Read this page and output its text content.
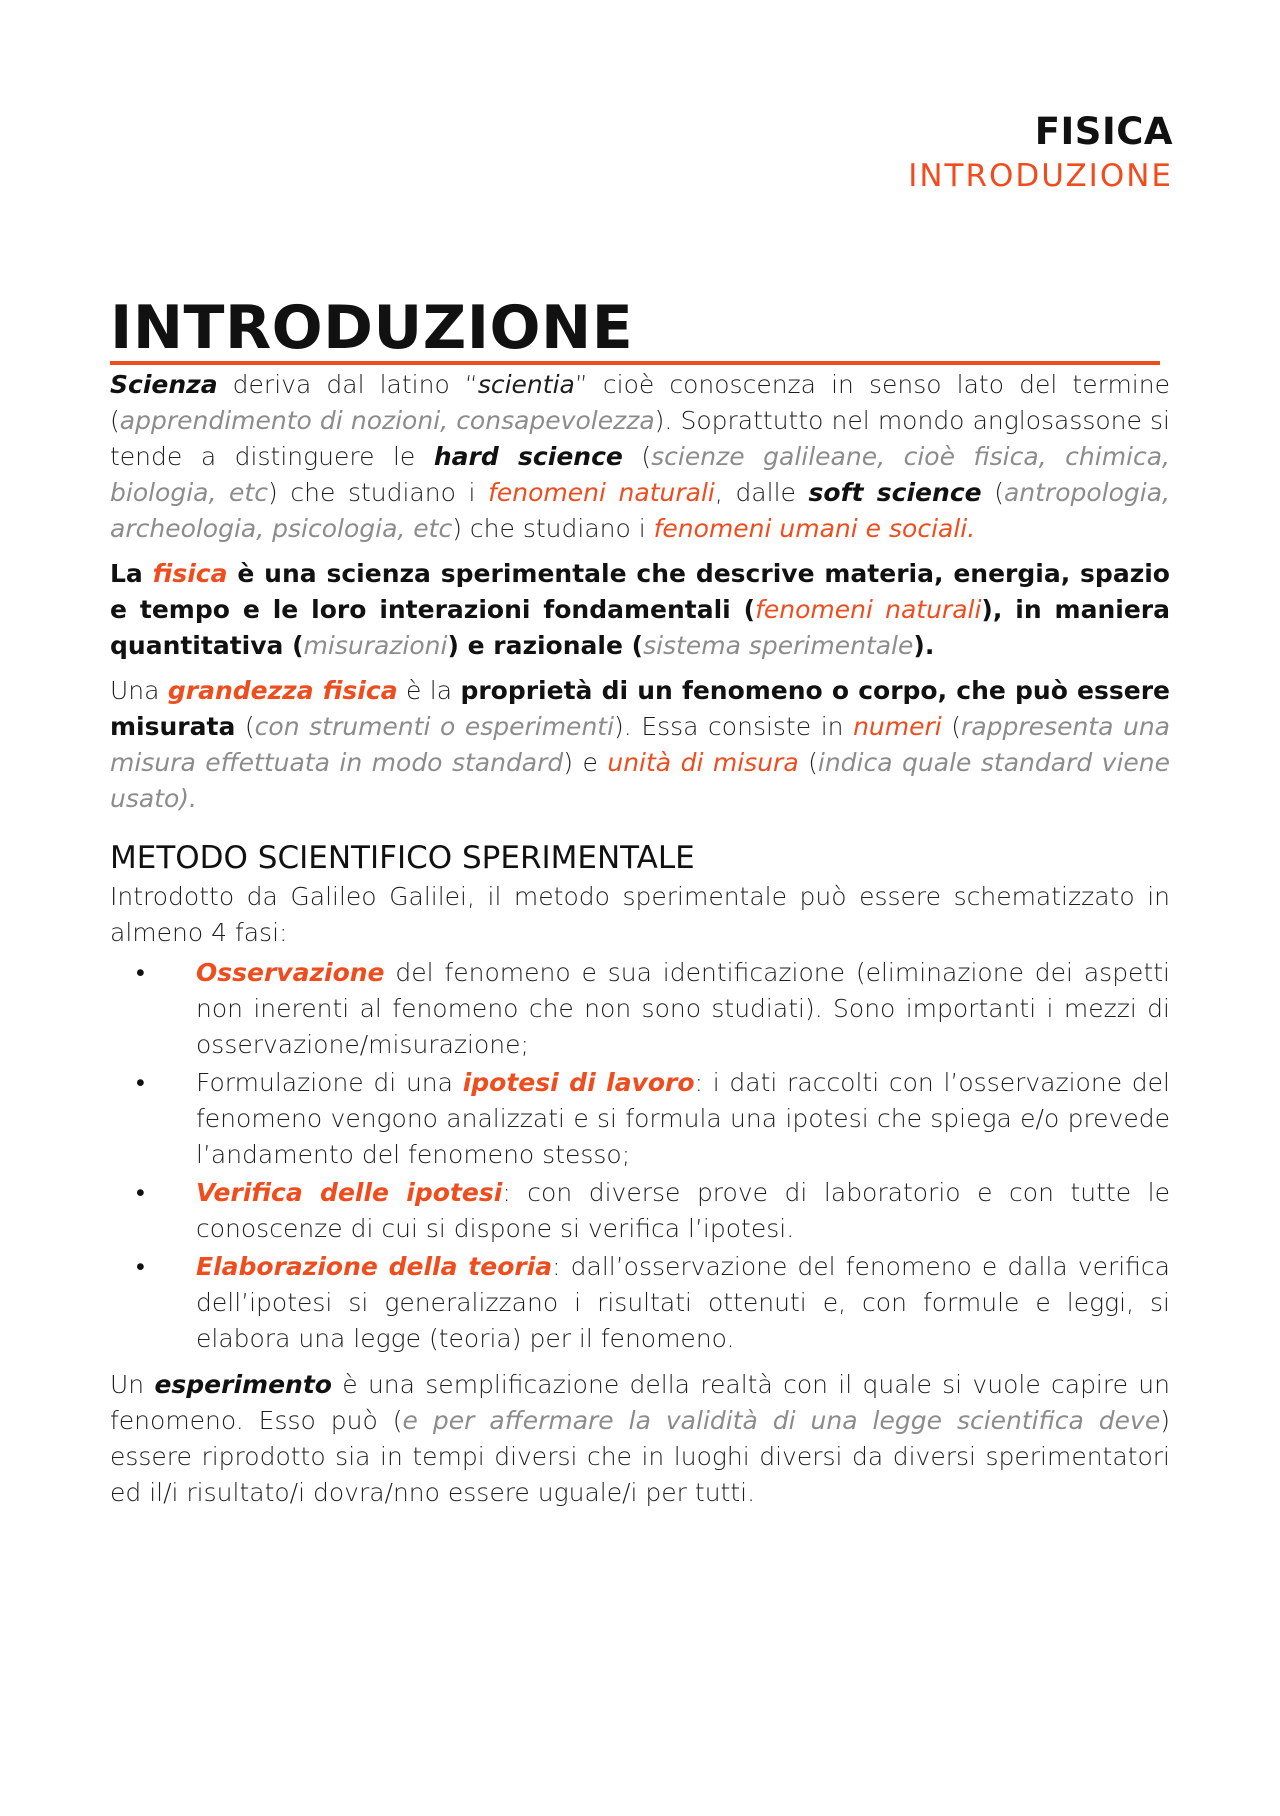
FISICA
INTRODUZIONE
INTRODUZIONE

Scienza deriva dal latino “scientia” cioè conoscenza in senso lato del termine (apprendimento di nozioni, consapevolezza). Soprattutto nel mondo anglosassone si tende a distinguere le hard science (scienze galileane, cioè fisica, chimica, biologia, etc) che studiano i fenomeni naturali, dalle soft science (antropologia, archeologia, psicologia, etc) che studiano i fenomeni umani e sociali.

La fisica è una scienza sperimentale che descrive materia, energia, spazio e tempo e le loro interazioni fondamentali (fenomeni naturali), in maniera quantitativa (misurazioni) e razionale (sistema sperimentale).

Una grandezza fisica è la proprietà di un fenomeno o corpo, che può essere misurata (con strumenti o esperimenti). Essa consiste in numeri (rappresenta una misura effettuata in modo standard) e unità di misura (indica quale standard viene usato).

METODO SCIENTIFICO SPERIMENTALE

Introdotto da Galileo Galilei, il metodo sperimentale può essere schematizzato in almeno 4 fasi:

• Osservazione del fenomeno e sua identificazione (eliminazione dei aspetti non inerenti al fenomeno che non sono studiati). Sono importanti i mezzi di osservazione/misurazione;
• Formulazione di una ipotesi di lavoro: i dati raccolti con l’osservazione del fenomeno vengono analizzati e si formula una ipotesi che spiega e/o prevede l’andamento del fenomeno stesso;
• Verifica delle ipotesi: con diverse prove di laboratorio e con tutte le conoscenze di cui si dispone si verifica l’ipotesi.
• Elaborazione della teoria: dall’osservazione del fenomeno e dalla verifica dell’ipotesi si generalizzano i risultati ottenuti e, con formule e leggi, si elabora una legge (teoria) per il fenomeno.

Un esperimento è una semplificazione della realtà con il quale si vuole capire un fenomeno. Esso può (e per affermare la validità di una legge scientifica deve) essere riprodotto sia in tempi diversi che in luoghi diversi da diversi sperimentatori ed il/i risultato/i dovra/nno essere uguale/i per tutti.
